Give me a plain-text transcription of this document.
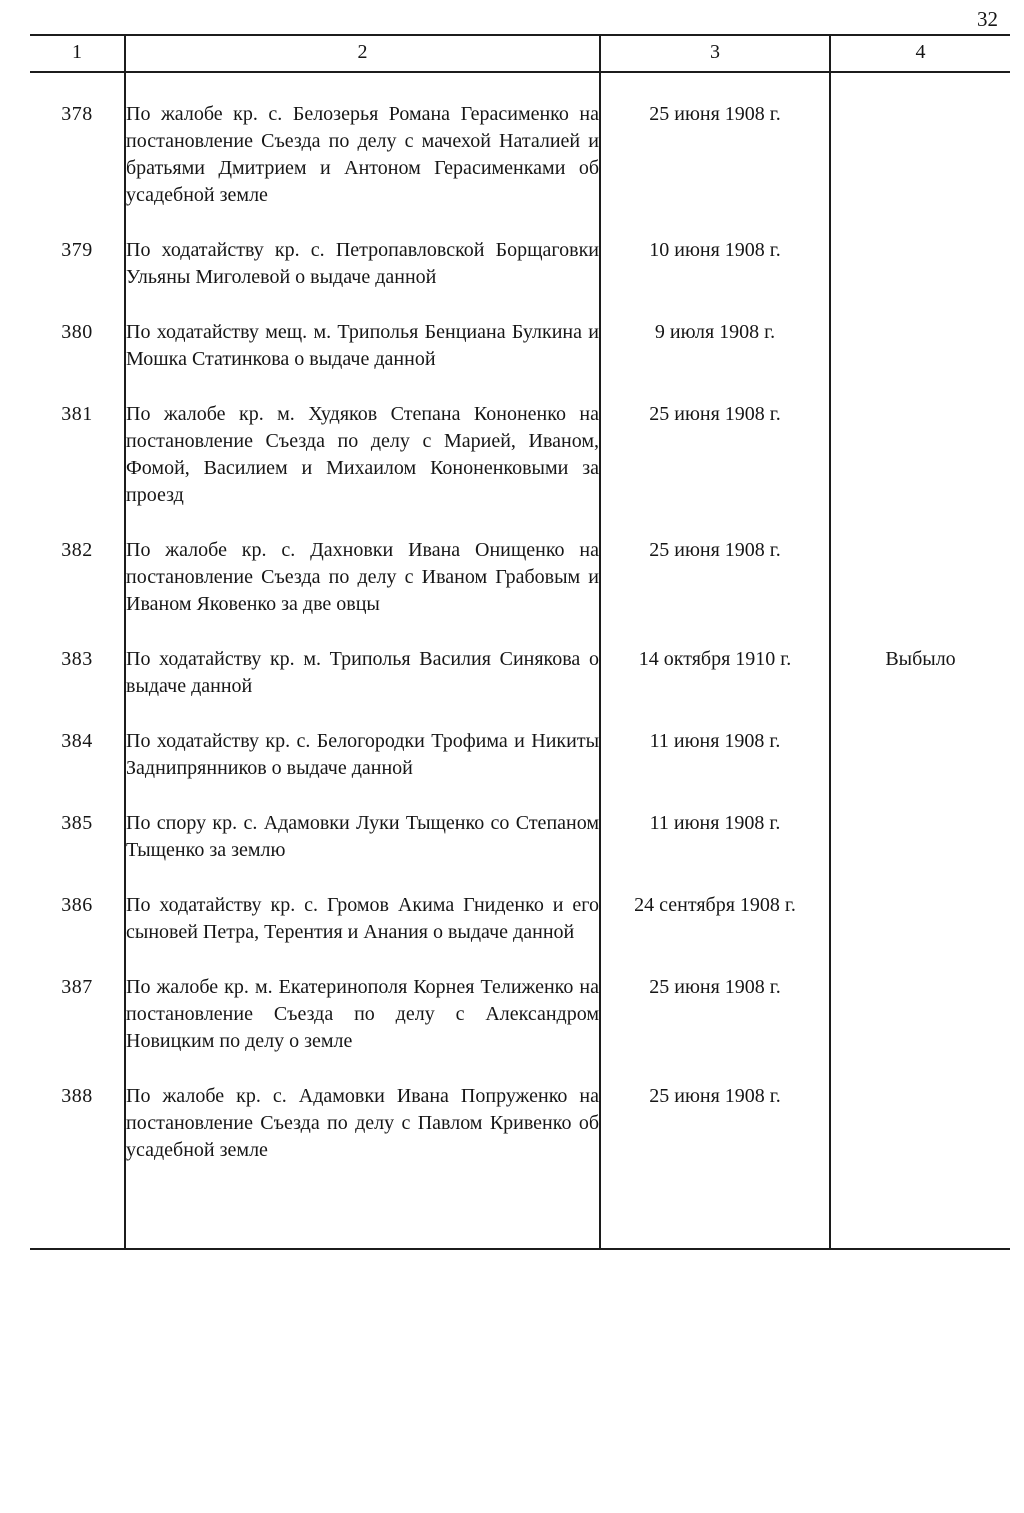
32
1	2	3	4
378	По жалобе кр. с. Белозерья Романа Герасименко на постановление Съезда по делу с мачехой Наталией и братьями Дмитрием и Антоном Герасименками об усадебной земле	25 июня 1908 г.	
379	По ходатайству кр. с. Петропавловской Борщаговки Ульяны Миголевой о выдаче данной	10 июня 1908 г.	
380	По ходатайству мещ. м. Триполья Бенциана Булкина и Мошка Статинкова о выдаче данной	9 июля 1908 г.	
381	По жалобе кр. м. Худяков Степана Кононенко на постановление Съезда по делу с Марией, Иваном, Фомой, Василием и Михаилом Кононенковыми за проезд	25 июня 1908 г.	
382	По жалобе кр. с. Дахновки Ивана Онищенко на постановление Съезда по делу с Иваном Грабовым и Иваном Яковенко за две овцы	25 июня 1908 г.	
383	По ходатайству кр. м. Триполья Василия Синякова о выдаче данной	14 октября 1910 г.	Выбыло
384	По ходатайству кр. с. Белогородки Трофима и Никиты Заднипрянников о выдаче данной	11 июня 1908 г.	
385	По спору кр. с. Адамовки Луки Тыщенко со Степаном Тыщенко за землю	11 июня 1908 г.	
386	По ходатайству кр. с. Громов Акима Гниденко и его сыновей Петра, Терентия и Анания о выдаче данной	24 сентября 1908 г.	
387	По жалобе кр. м. Екатеринополя Корнея Телиженко на постановление Съезда по делу с Александром Новицким по делу о земле	25 июня 1908 г.	
388	По жалобе кр. с. Адамовки Ивана Попруженко на постановление Съезда по делу с Павлом Кривенко об усадебной земле	25 июня 1908 г.	
